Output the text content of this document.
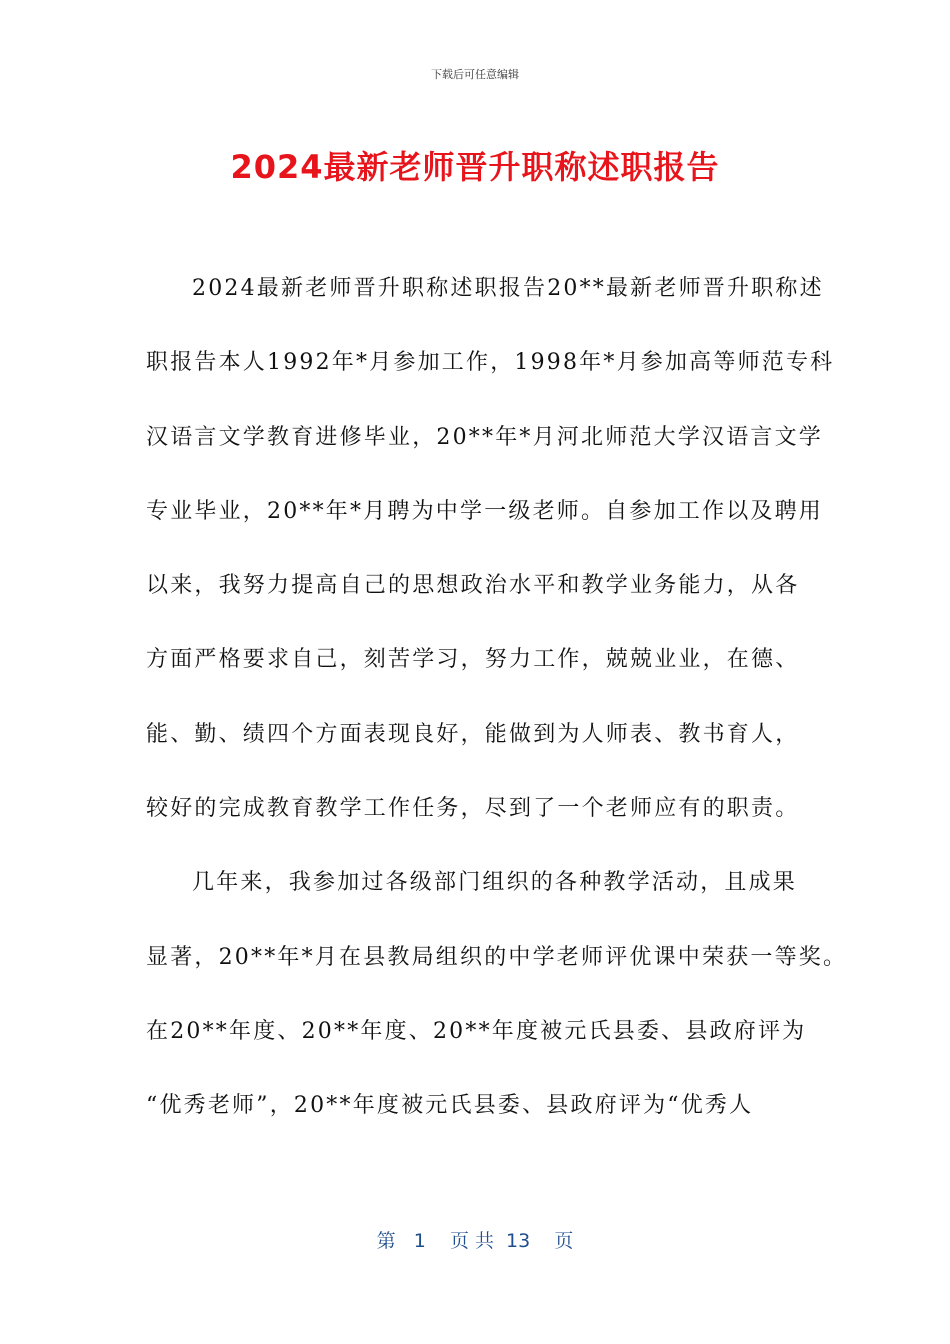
下载后可任意编辑
2024最新老师晋升职称述职报告
2024最新老师晋升职称述职报告20**最新老师晋升职称述
职报告本人1992年*月参加工作，1998年*月参加高等师范专科
汉语言文学教育进修毕业，20**年*月河北师范大学汉语言文学
专业毕业，20**年*月聘为中学一级老师。自参加工作以及聘用
以来，我努力提高自己的思想政治水平和教学业务能力，从各
方面严格要求自己，刻苦学习，努力工作，兢兢业业，在德、
能、勤、绩四个方面表现良好，能做到为人师表、教书育人，
较好的完成教育教学工作任务，尽到了一个老师应有的职责。
几年来，我参加过各级部门组织的各种教学活动，且成果
显著，20**年*月在县教局组织的中学老师评优课中荣获一等奖。
在20**年度、20**年度、20**年度被元氏县委、县政府评为
“优秀老师”，20**年度被元氏县委、县政府评为“优秀人
第   1    页 共  13    页
